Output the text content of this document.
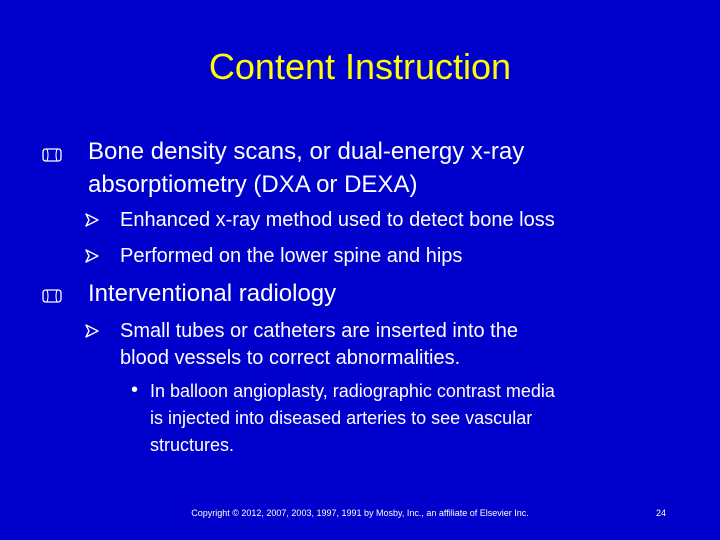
Content Instruction
Bone density scans, or dual-energy x-ray
absorptiometry (DXA or DEXA)
Enhanced x-ray method used to detect bone loss
Performed on the lower spine and hips
Interventional radiology
Small tubes or catheters are inserted into the
blood vessels to correct abnormalities.
• In balloon angioplasty, radiographic contrast media
is injected into diseased arteries to see vascular
structures.
Copyright © 2012, 2007, 2003, 1997, 1991 by Mosby, Inc., an affiliate of Elsevier Inc.	24
